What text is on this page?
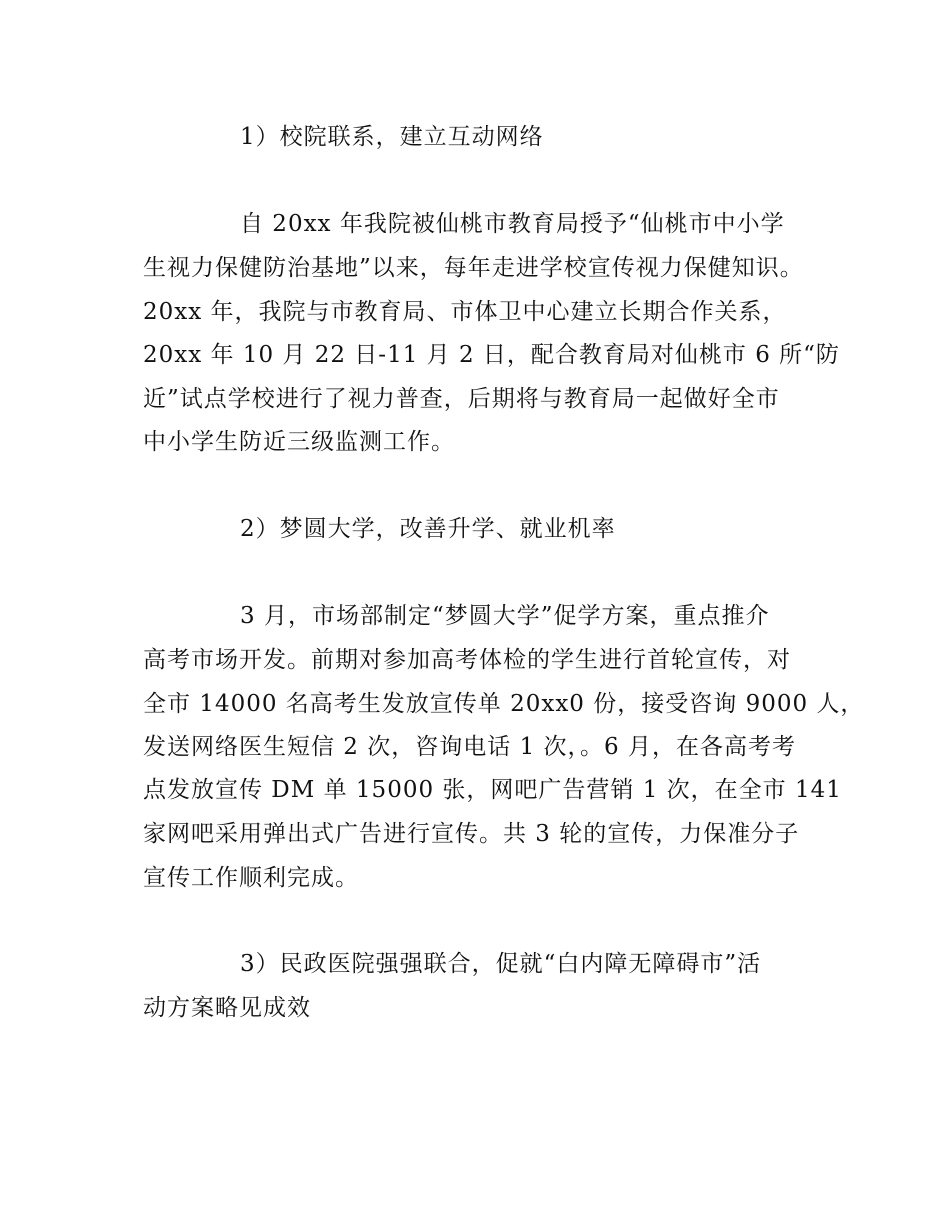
1）校院联系，建立互动网络
自 20xx 年我院被仙桃市教育局授予“仙桃市中小学
生视力保健防治基地”以来，每年走进学校宣传视力保健知识。
20xx 年，我院与市教育局、市体卫中心建立长期合作关系，
20xx 年 10 月 22 日-11 月 2 日，配合教育局对仙桃市 6 所“防
近”试点学校进行了视力普查，后期将与教育局一起做好全市
中小学生防近三级监测工作。
2）梦圆大学，改善升学、就业机率
3 月，市场部制定“梦圆大学”促学方案，重点推介
高考市场开发。前期对参加高考体检的学生进行首轮宣传，对
全市 14000 名高考生发放宣传单 20xx0 份，接受咨询 9000 人，
发送网络医生短信 2 次，咨询电话 1 次，。6 月，在各高考考
点发放宣传 DM 单 15000 张，网吧广告营销 1 次，在全市 141
家网吧采用弹出式广告进行宣传。共 3 轮的宣传，力保准分子
宣传工作顺利完成。
3）民政医院强强联合，促就“白内障无障碍市”活
动方案略见成效
